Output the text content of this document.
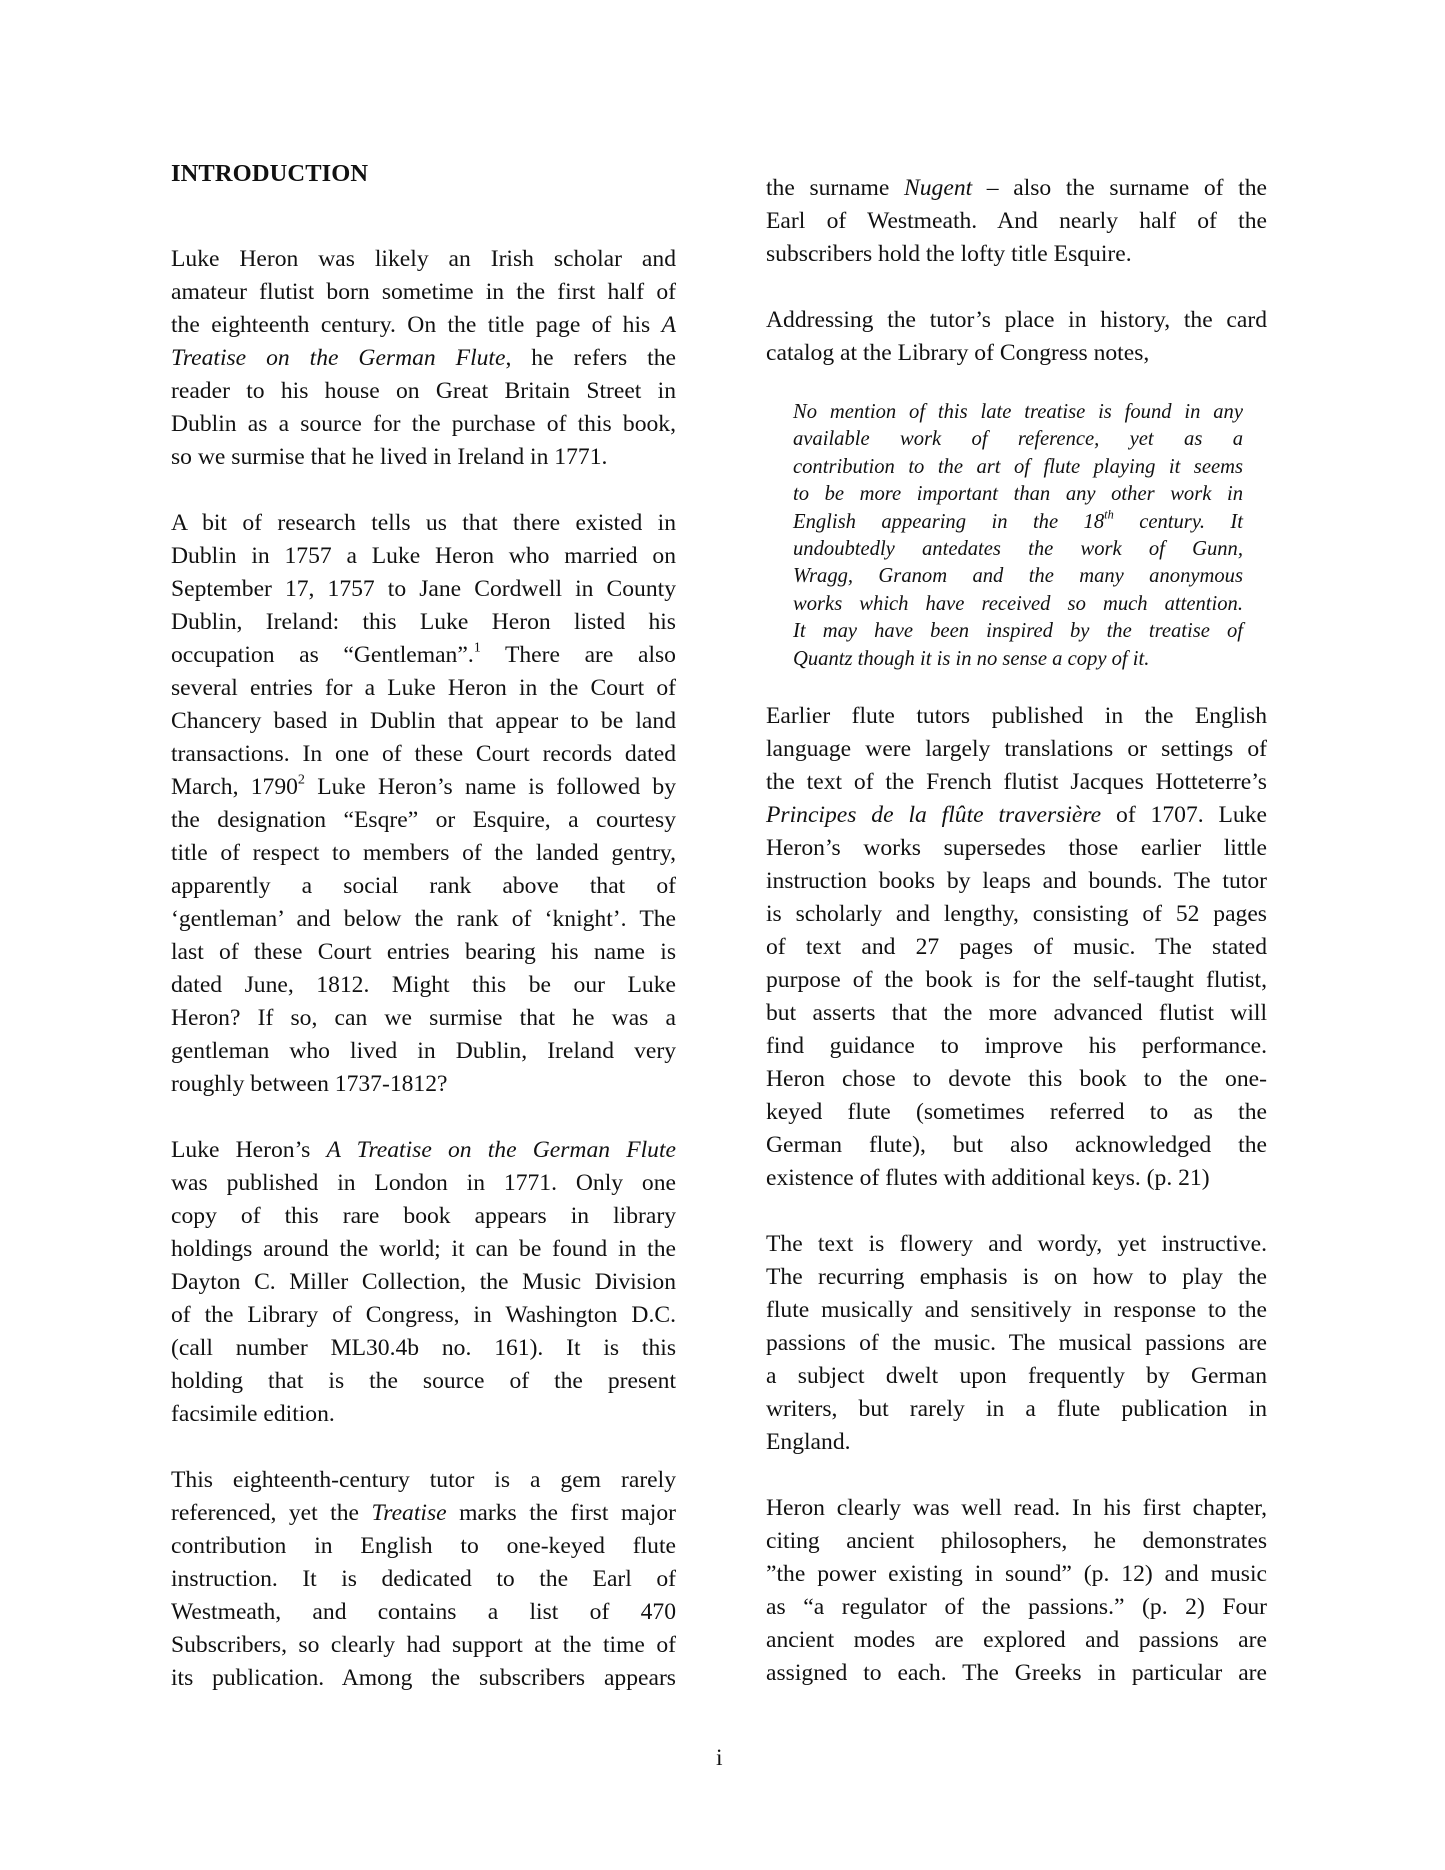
INTRODUCTION
Luke Heron was likely an Irish scholar and
amateur flutist born sometime in the first half of
the eighteenth century. On the title page of his A
Treatise on the German Flute, he refers the
reader to his house on Great Britain Street in
Dublin as a source for the purchase of this book,
so we surmise that he lived in Ireland in 1771.
A bit of research tells us that there existed in
Dublin in 1757 a Luke Heron who married on
September 17, 1757 to Jane Cordwell in County
Dublin, Ireland: this Luke Heron listed his
occupation as “Gentleman”.$^1$ There are also
several entries for a Luke Heron in the Court of
Chancery based in Dublin that appear to be land
transactions. In one of these Court records dated
March, 1790$^2$ Luke Heron’s name is followed by
the designation “Esqre” or Esquire, a courtesy
title of respect to members of the landed gentry,
apparently a social rank above that of
‘gentleman’ and below the rank of ‘knight’. The
last of these Court entries bearing his name is
dated June, 1812. Might this be our Luke
Heron? If so, can we surmise that he was a
gentleman who lived in Dublin, Ireland very
roughly between 1737-1812?
Luke Heron’s A Treatise on the German Flute
was published in London in 1771. Only one
copy of this rare book appears in library
holdings around the world; it can be found in the
Dayton C. Miller Collection, the Music Division
of the Library of Congress, in Washington D.C.
(call number ML30.4b no. 161). It is this
holding that is the source of the present
facsimile edition.
This eighteenth-century tutor is a gem rarely
referenced, yet the Treatise marks the first major
contribution in English to one-keyed flute
instruction. It is dedicated to the Earl of
Westmeath, and contains a list of 470
Subscribers, so clearly had support at the time of
its publication. Among the subscribers appears
the surname Nugent – also the surname of the
Earl of Westmeath. And nearly half of the
subscribers hold the lofty title Esquire.
Addressing the tutor’s place in history, the card
catalog at the Library of Congress notes,
No mention of this late treatise is found in any
available work of reference, yet as a
contribution to the art of flute playing it seems
to be more important than any other work in
English appearing in the 18th century. It
undoubtedly antedates the work of Gunn,
Wragg, Granom and the many anonymous
works which have received so much attention.
It may have been inspired by the treatise of
Quantz though it is in no sense a copy of it.
Earlier flute tutors published in the English
language were largely translations or settings of
the text of the French flutist Jacques Hotteterre’s
Principes de la flûte traversière of 1707. Luke
Heron’s works supersedes those earlier little
instruction books by leaps and bounds. The tutor
is scholarly and lengthy, consisting of 52 pages
of text and 27 pages of music. The stated
purpose of the book is for the self-taught flutist,
but asserts that the more advanced flutist will
find guidance to improve his performance.
Heron chose to devote this book to the one-
keyed flute (sometimes referred to as the
German flute), but also acknowledged the
existence of flutes with additional keys. (p. 21)
The text is flowery and wordy, yet instructive.
The recurring emphasis is on how to play the
flute musically and sensitively in response to the
passions of the music. The musical passions are
a subject dwelt upon frequently by German
writers, but rarely in a flute publication in
England.
Heron clearly was well read. In his first chapter,
citing ancient philosophers, he demonstrates
”the power existing in sound” (p. 12) and music
as “a regulator of the passions.” (p. 2) Four
ancient modes are explored and passions are
assigned to each. The Greeks in particular are
i
